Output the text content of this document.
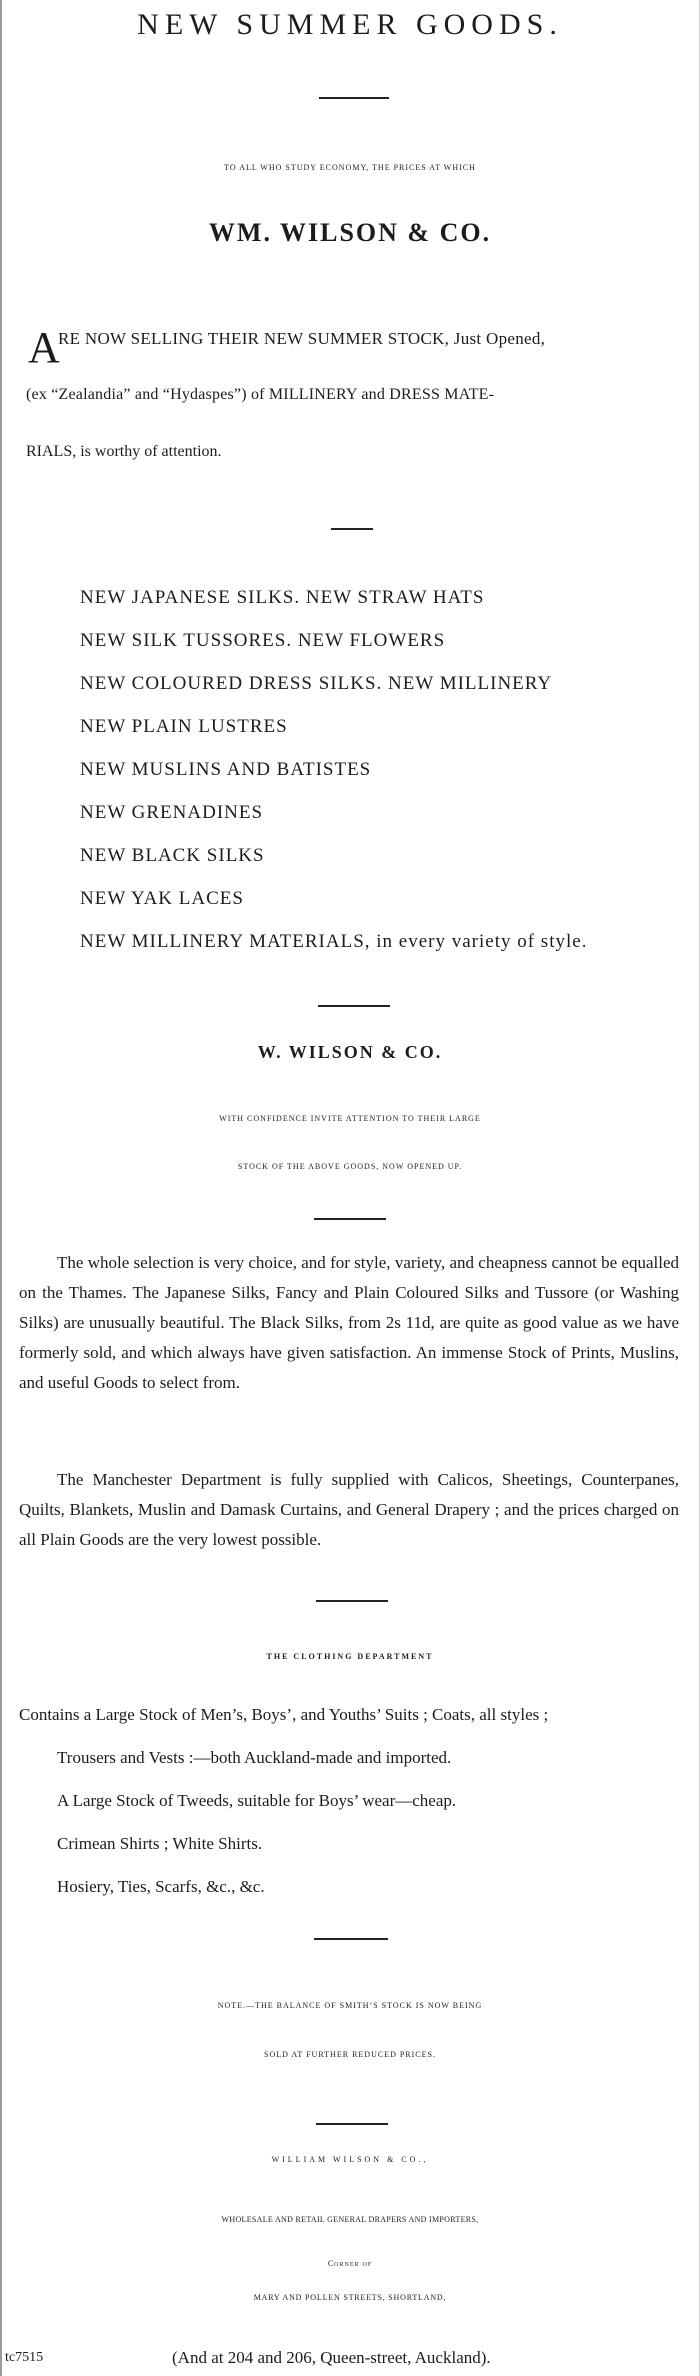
NEW SUMMER GOODS.
TO ALL WHO STUDY ECONOMY, THE PRICES AT WHICH
WM. WILSON & CO.
A
RE NOW SELLING THEIR NEW SUMMER STOCK, Just Opened,
(ex “Zealandia” and “Hydaspes”) of MILLINERY and DRESS MATE-
RIALS, is worthy of attention.
NEW JAPANESE SILKS. NEW STRAW HATS
NEW SILK TUSSORES. NEW FLOWERS
NEW COLOURED DRESS SILKS. NEW MILLINERY
NEW PLAIN LUSTRES
NEW MUSLINS AND BATISTES
NEW GRENADINES
NEW BLACK SILKS
NEW YAK LACES
NEW MILLINERY MATERIALS, in every variety of style.
W. WILSON & CO.
WITH CONFIDENCE INVITE ATTENTION TO THEIR LARGE
STOCK OF THE ABOVE GOODS, NOW OPENED UP.

The whole selection is very choice, and for style, variety, and cheapness cannot be equalled on the Thames. The Japanese Silks, Fancy and Plain Coloured Silks and Tussore (or Washing Silks) are unusually beautiful. The Black Silks, from 2s 11d, are quite as good value as we have formerly sold, and which always have given satisfaction. An immense Stock of Prints, Muslins, and useful Goods to select from.

The Manchester Department is fully supplied with Calicos, Sheetings, Counterpanes, Quilts, Blankets, Muslin and Damask Curtains, and General Drapery ; and the prices charged on all Plain Goods are the very lowest possible.

THE CLOTHING DEPARTMENT
Contains a Large Stock of Men’s, Boys’, and Youths’ Suits ; Coats, all styles ;
Trousers and Vests :—both Auckland-made and imported.
A Large Stock of Tweeds, suitable for Boys’ wear—cheap.
Crimean Shirts ; White Shirts.
Hosiery, Ties, Scarfs, &c., &c.
NOTE.—THE BALANCE OF SMITH’S STOCK IS NOW BEING
SOLD AT FURTHER REDUCED PRICES.
WILLIAM WILSON & CO.,
WHOLESALE AND RETAIL GENERAL DRAPERS AND IMPORTERS,
Corner of
MARY AND POLLEN STREETS, SHORTLAND,
tc7515	(And at 204 and 206, Queen-street, Auckland).
